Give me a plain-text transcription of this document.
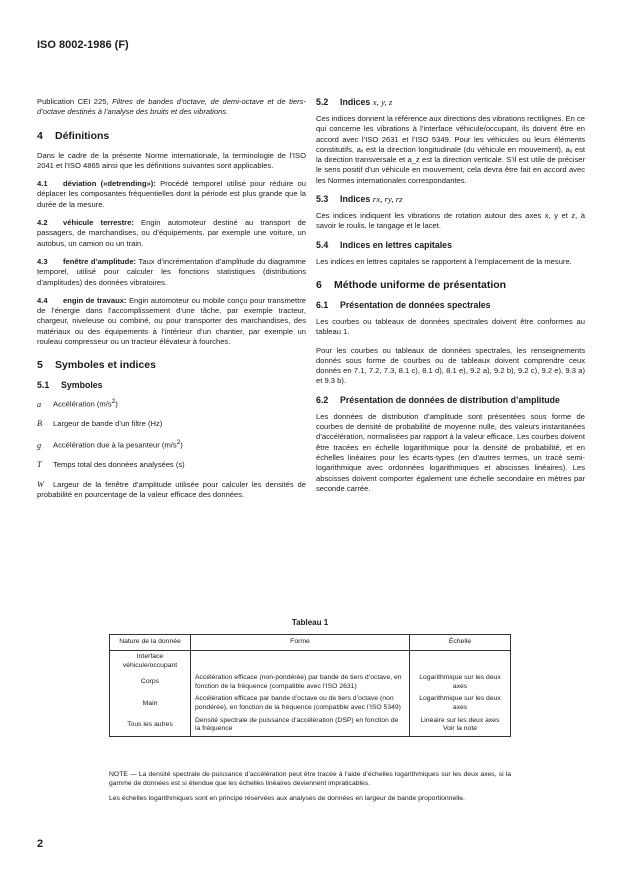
ISO 8002-1986 (F)

Publication CEI 225, Filtres de bandes d’octave, de demi-octave et de tiers-d’octave destinés à l’analyse des bruits et des vibrations.

4 Définitions

Dans le cadre de la présente Norme internationale, la terminologie de l’ISO 2041 et l’ISO 4865 ainsi que les définitions suivantes sont applicables.

4.1 déviation («detrending»): Procédé temporel utilisé pour réduire ou déplacer les composantes fréquentielles dont la période est plus grande que la durée de la mesure.

4.2 véhicule terrestre: Engin automoteur destiné au transport de passagers, de marchandises, ou d’équipements, par exemple une voiture, un autobus, un camion ou un train.

4.3 fenêtre d’amplitude: Taux d’incrémentation d’amplitude du diagramme temporel, utilisé pour calculer les fonctions statistiques (distributions d’amplitudes) des données vibratoires.

4.4 engin de travaux: Engin automoteur ou mobile conçu pour transmettre de l’énergie dans l’accomplissement d’une tâche, par exemple tracteur, chargeur, niveleuse ou combiné, ou pour transporter des marchandises, des matériaux ou des équipements à l’intérieur d’un chantier, par exemple un rouleau compresseur ou un tracteur élévateur à fourches.

5 Symboles et indices
5.1 Symboles

a Accélération $(m/s^2)$

B Largeur de bande d’un filtre (Hz)

g Accélération due à la pesanteur $(m/s^2)$

T Temps total des données analysées (s)

W Largeur de la fenêtre d’amplitude utilisée pour calculer les densités de probabilité en pourcentage de la valeur efficace des données.

5.2 Indices x, y, z

Ces indices donnent la référence aux directions des vibrations rectilignes. En ce qui concerne les vibrations à l’interface véhicule/occupant, ils doivent être en accord avec l’ISO 2631 et l’ISO 5349. Pour les véhicules ou leurs éléments constitutifs, aₓ est la direction longitudinale (du véhicule en mouvement), aᵧ est la direction transversale et a_z est la direction verticale. S’il est utile de préciser le sens positif d’un véhicule en mouvement, cela devra être fait en accord avec les Normes internationales correspondantes.

5.3 Indices rx, ry, rz

Ces indices indiquent les vibrations de rotation autour des axes x, y et z, à savoir le roulis, le tangage et le lacet.

5.4 Indices en lettres capitales

Les indices en lettres capitales se rapportent à l’emplacement de la mesure.

6 Méthode uniforme de présentation
6.1 Présentation de données spectrales

Les courbes ou tableaux de données spectrales doivent être conformes au tableau 1.

Pour les courbes ou tableaux de données spectrales, les renseignements donnés sous forme de courbes ou de tableaux doivent comprendre ceux donnés en 7.1, 7.2, 7.3, 8.1 c), 8.1 d), 8.1 e), 9.2 a), 9.2 b), 9.2 c), 9.2 e), 9.3 a) et 9.3 b).

6.2 Présentation de données de distribution d’amplitude

Les données de distribution d’amplitude sont présentées sous forme de courbes de densité de probabilité de moyenne nulle, des valeurs instantanées d’accélération, normalisées par rapport à la valeur efficace. Les courbes doivent être tracées en échelle logarithmique pour la densité de probabilité, et en échelles linéaires pour les écarts-types (en d’autres termes, un tracé semi-logarithmique avec ordonnées logarithmiques et abscisses linéaires). Les abscisses doivent comporter également une échelle secondaire en mètres par seconde carrée.

Tableau 1
Nature de la donnée	Forme	Échelle
Interface véhicule/occupant		
Corps	Accélération efficace (non-pondérée) par bande de tiers d’octave, en fonction de la fréquence (compatible avec l’ISO 2631)	Logarithmique sur les deux axes
Main	Accélération efficace par bande d’octave ou de tiers d’octave (non pondérée), en fonction de la fréquence (compatible avec l’ISO 5349)	Logarithmique sur les deux axes
Tous les autres	Densité spectrale de puissance d’accélération (DSP) en fonction de la fréquence	Linéaire sur les deux axes Voir la note

NOTE — La densité spectrale de puissance d’accélération peut être tracée à l’aide d’échelles logarithmiques sur les deux axes, si la gamme de données est si étendue que les échelles linéaires deviennent impraticables.

Les échelles logarithmiques sont en principe réservées aux analyses de données en largeur de bande proportionnelle.

2
